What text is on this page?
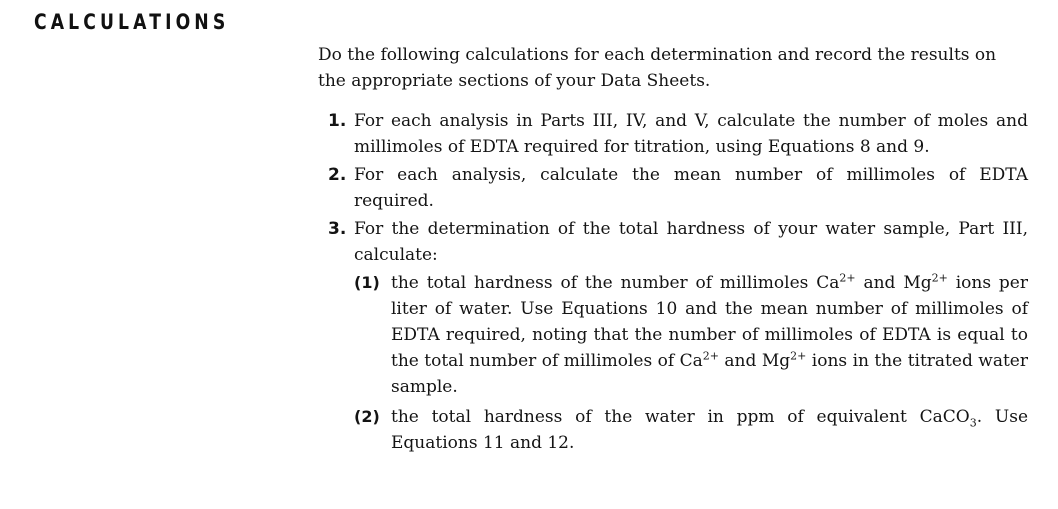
CALCULATIONS

Do the following calculations for each determination and record the results on the appropriate sections of your Data Sheets.

1. For each analysis in Parts III, IV, and V, calculate the number of moles and millimoles of EDTA required for titration, using Equations 8 and 9.
2. For each analysis, calculate the mean number of millimoles of EDTA required.
3. For the determination of the total hardness of your water sample, Part III, calculate:
(1) the total hardness of the number of millimoles $Ca^{2+}$ and $Mg^{2+}$ ions per liter of water. Use Equations 10 and the mean number of millimoles of EDTA required, noting that the number of millimoles of EDTA is equal to the total number of millimoles of $Ca^{2+}$ and $Mg^{2+}$ ions in the titrated water sample.
(2) the total hardness of the water in ppm of equivalent CaCO$_3$. Use Equations 11 and 12.
